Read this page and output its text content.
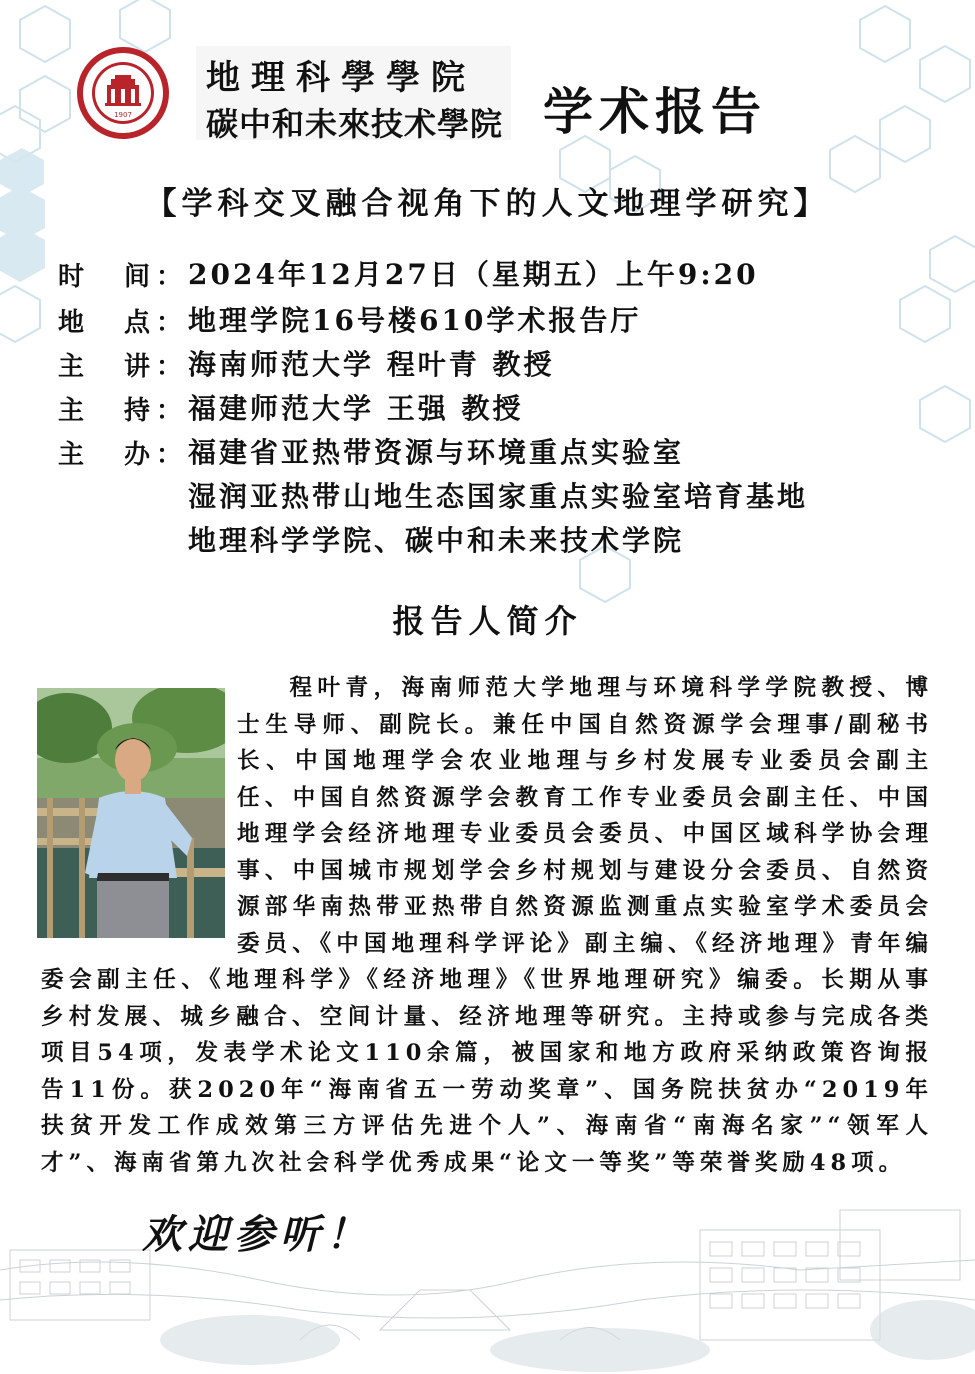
1907
地理科學學院
碳中和未來技术學院 学术报告
【学科交叉融合视角下的人文地理学研究】
时 间 ： 2024年12月27日（星期五）上午9:20
地 点 ： 地理学院16号楼610学术报告厅
主 讲 ： 海南师范大学 程叶青 教授
主 持 ： 福建师范大学 王强 教授
主 办 ： 福建省亚热带资源与环境重点实验室
湿润亚热带山地生态国家重点实验室培育基地
地理科学学院、碳中和未来技术学院
报告人简介
程叶青，海南师范大学地理与环境科学学院教授、博士生导师、副院长。兼任中国自然资源学会理事/副秘书长、中国地理学会农业地理与乡村发展专业委员会副主任、中国自然资源学会教育工作专业委员会副主任、中国地理学会经济地理专业委员会委员、中国区域科学协会理事、中国城市规划学会乡村规划与建设分会委员、自然资源部华南热带亚热带自然资源监测重点实验室学术委员会委员、《中国地理科学评论》副主编、《经济地理》青年编委会副主任、《地理科学》《经济地理》《世界地理研究》编委。长期从事乡村发展、城乡融合、空间计量、经济地理等研究。主持或参与完成各类项目54项，发表学术论文110余篇，被国家和地方政府采纳政策咨询报告11份。获2020年“海南省五一劳动奖章”、国务院扶贫办“2019年扶贫开发工作成效第三方评估先进个人”、海南省“南海名家”“领军人才”、海南省第九次社会科学优秀成果“论文一等奖”等荣誉奖励48项。
欢迎参听！
